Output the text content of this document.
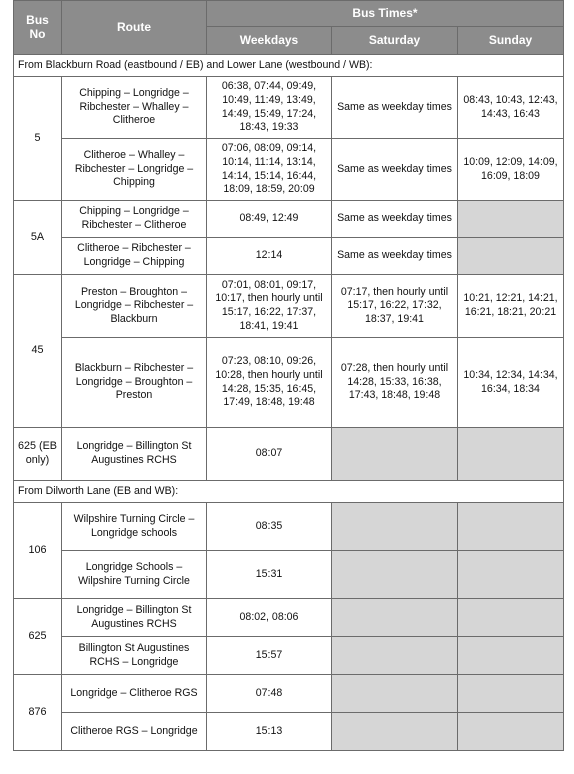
Bus No	Route	Bus Times*		
		Weekdays	Saturday	Sunday
From Blackburn Road (eastbound / EB) and Lower Lane (westbound / WB):				
5	Chipping – Longridge – Ribchester – Whalley – Clitheroe	06:38, 07:44, 09:49, 10:49, 11:49, 13:49, 14:49, 15:49, 17:24, 18:43, 19:33	Same as weekday times	08:43, 10:43, 12:43, 14:43, 16:43
	Clitheroe – Whalley – Ribchester – Longridge – Chipping	07:06, 08:09, 09:14, 10:14, 11:14, 13:14, 14:14, 15:14, 16:44, 18:09, 18:59, 20:09	Same as weekday times	10:09, 12:09, 14:09, 16:09, 18:09
5A	Chipping – Longridge – Ribchester – Clitheroe	08:49, 12:49	Same as weekday times	
	Clitheroe – Ribchester – Longridge – Chipping	12:14	Same as weekday times	
45	Preston – Broughton – Longridge – Ribchester – Blackburn	07:01, 08:01, 09:17, 10:17, then hourly until 15:17, 16:22, 17:37, 18:41, 19:41	07:17, then hourly until 15:17, 16:22, 17:32, 18:37, 19:41	10:21, 12:21, 14:21, 16:21, 18:21, 20:21
	Blackburn – Ribchester – Longridge – Broughton – Preston	07:23, 08:10, 09:26, 10:28, then hourly until 14:28, 15:35, 16:45, 17:49, 18:48, 19:48	07:28, then hourly until 14:28, 15:33, 16:38, 17:43, 18:48, 19:48	10:34, 12:34, 14:34, 16:34, 18:34
625 (EB only)	Longridge – Billington St Augustines RCHS	08:07		
From Dilworth Lane (EB and WB):				
106	Wilpshire Turning Circle – Longridge schools	08:35		
	Longridge Schools – Wilpshire Turning Circle	15:31		
625	Longridge – Billington St Augustines RCHS	08:02, 08:06		
	Billington St Augustines RCHS – Longridge	15:57		
876	Longridge – Clitheroe RGS	07:48		
	Clitheroe RGS – Longridge	15:13		
